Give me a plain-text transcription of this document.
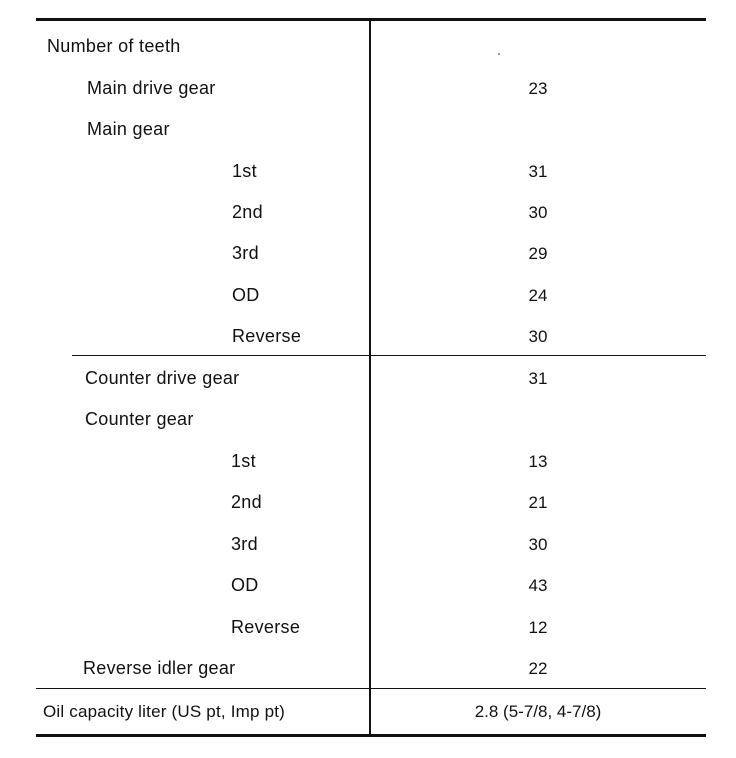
Number of teeth
Main drive gear	23
Main gear
1st	31
2nd	30
3rd	29
OD	24
Reverse	30
Counter drive gear	31
Counter gear
1st	13
2nd	21
3rd	30
OD	43
Reverse	12
Reverse idler gear	22
Oil capacity liter (US pt, Imp pt)	2.8 (5-7/8, 4-7/8)
